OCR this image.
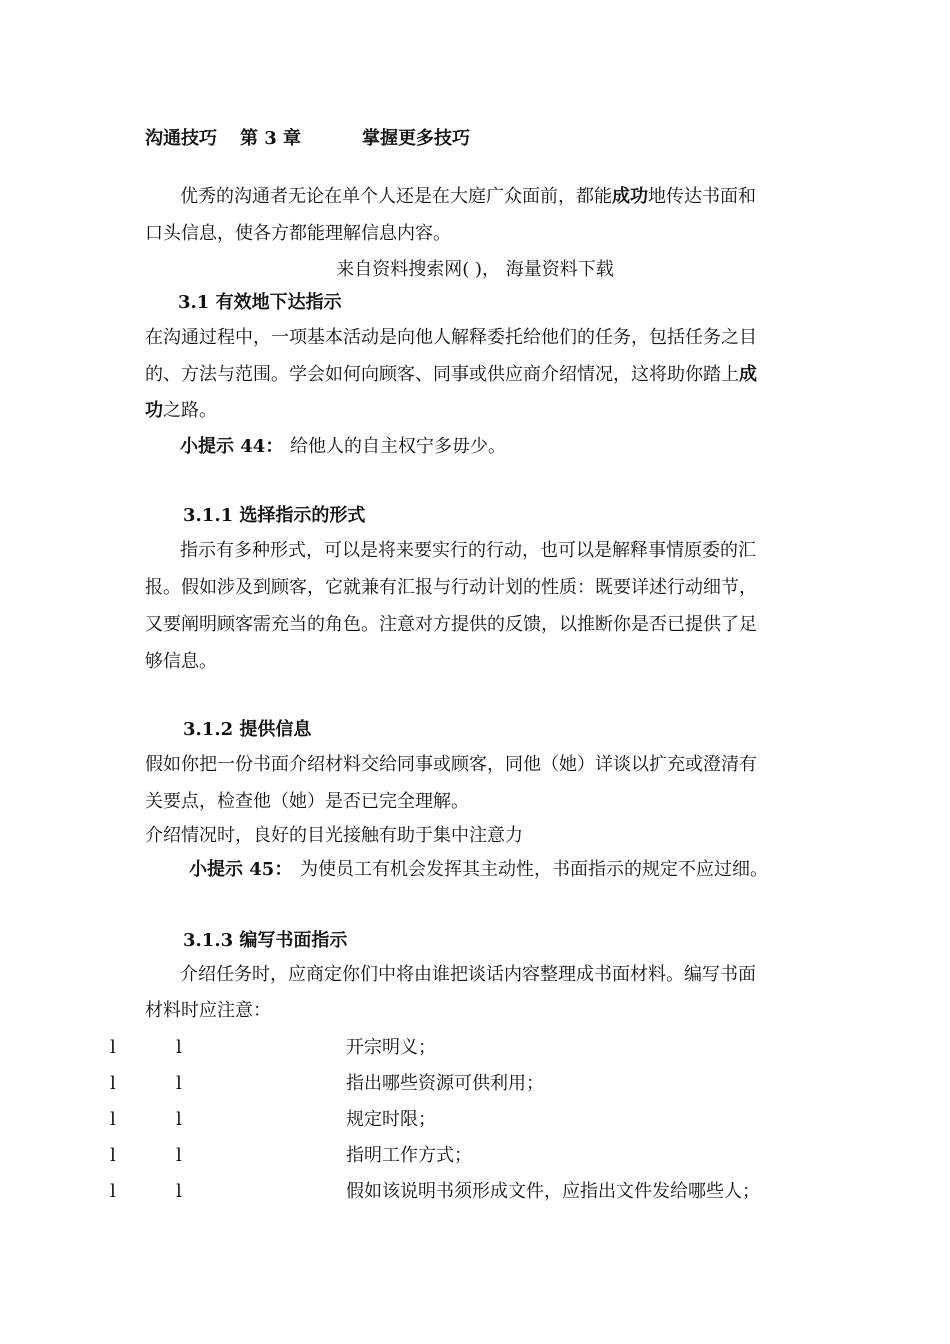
沟通技巧 第 3 章	掌握更多技巧
优秀的沟通者无论在单个人还是在大庭广众面前，都能成功地传达书面和
口头信息，使各方都能理解信息内容。
来自资料搜索网( )， 海量资料下载
3.1 有效地下达指示
在沟通过程中，一项基本活动是向他人解释委托给他们的任务，包括任务之目
的、方法与范围。学会如何向顾客、同事或供应商介绍情况，这将助你踏上成
功之路。
小提示 44： 给他人的自主权宁多毋少。
3.1.1 选择指示的形式
指示有多种形式，可以是将来要实行的行动，也可以是解释事情原委的汇
报。假如涉及到顾客，它就兼有汇报与行动计划的性质：既要详述行动细节，
又要阐明顾客需充当的角色。注意对方提供的反馈，以推断你是否已提供了足
够信息。
3.1.2 提供信息
假如你把一份书面介绍材料交给同事或顾客，同他（她）详谈以扩充或澄清有
关要点，检查他（她）是否已完全理解。
介绍情况时，良好的目光接触有助于集中注意力
小提示 45： 为使员工有机会发挥其主动性，书面指示的规定不应过细。
3.1.3 编写书面指示
介绍任务时，应商定你们中将由谁把谈话内容整理成书面材料。编写书面
材料时应注意：
l	l	开宗明义；
l	l	指出哪些资源可供利用；
l	l	规定时限；
l	l	指明工作方式；
l	l	假如该说明书须形成文件，应指出文件发给哪些人；
